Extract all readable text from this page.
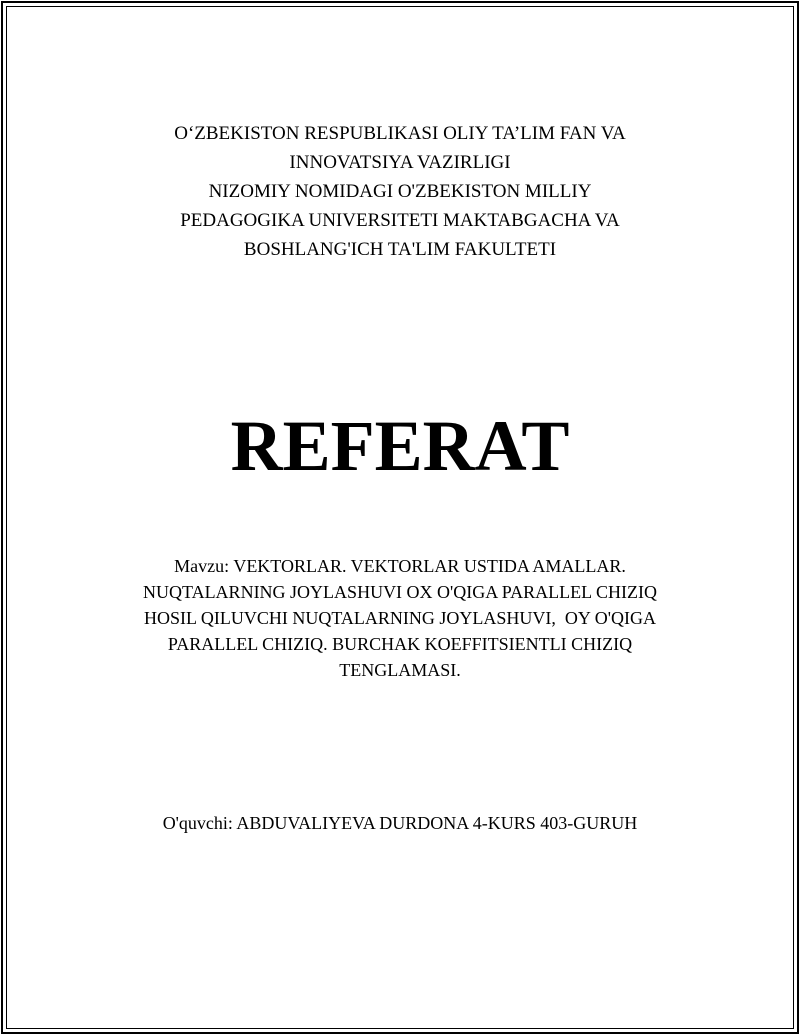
O‘ZBEKISTON RESPUBLIKASI OLIY TA’LIM FAN VA
INNOVATSIYA VAZIRLIGI
NIZOMIY NOMIDAGI O'ZBEKISTON MILLIY
PEDAGOGIKA UNIVERSITETI MAKTABGACHA VA
BOSHLANG'ICH TA'LIM FAKULTETI
REFERAT
Mavzu: VEKTORLAR. VEKTORLAR USTIDA AMALLAR.
NUQTALARNING JOYLASHUVI OX O'QIGA PARALLEL CHIZIQ
HOSIL QILUVCHI NUQTALARNING JOYLASHUVI,  OY O'QIGA
PARALLEL CHIZIQ. BURCHAK KOEFFITSIENTLI CHIZIQ
TENGLAMASI.
O'quvchi: ABDUVALIYEVA DURDONA 4-KURS 403-GURUH
